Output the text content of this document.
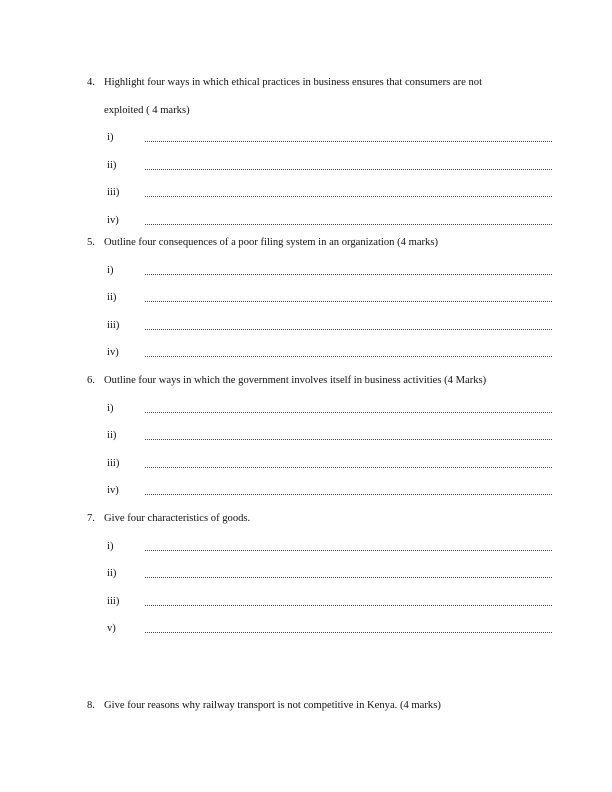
4. Highlight four ways in which ethical practices in business ensures that consumers are not
exploited ( 4 marks)
i)
ii)
iii)
iv)
5. Outline four consequences of a poor filing system in an organization (4 marks)
i)
ii)
iii)
iv)
6. Outline four ways in which the government involves itself in business activities (4 Marks)
i)
ii)
iii)
iv)
7. Give four characteristics of goods.
i)
ii)
iii)
v)
8. Give four reasons why railway transport is not competitive in Kenya. (4 marks)
